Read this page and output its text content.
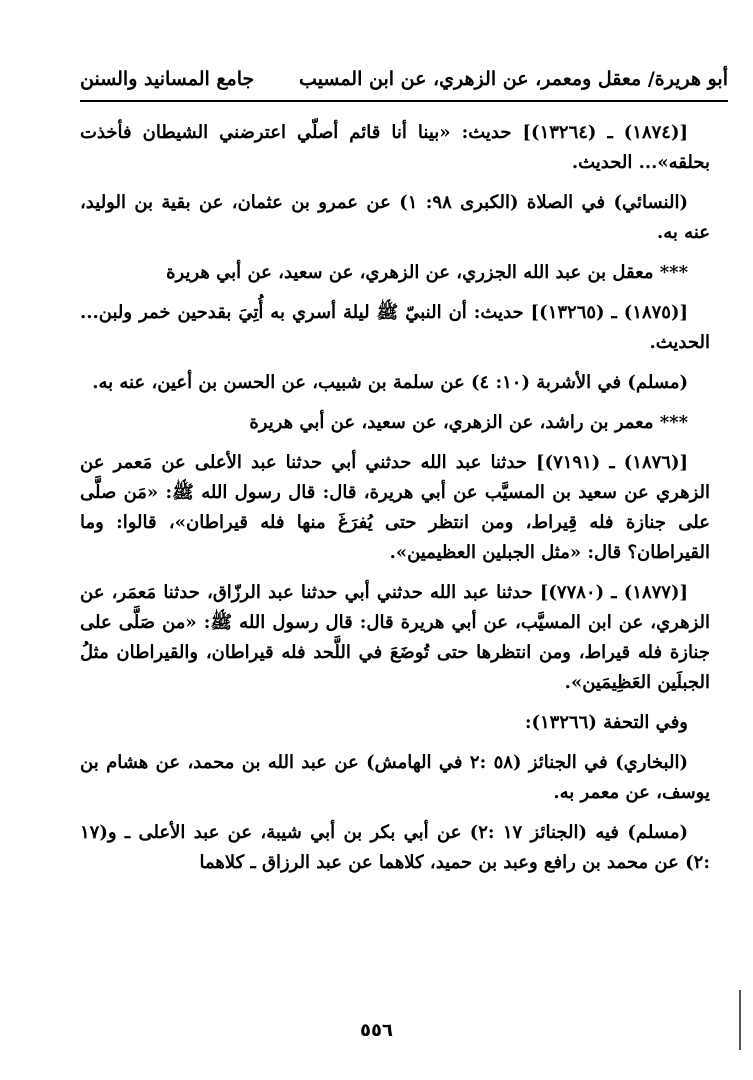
أبو هريرة/ معقل ومعمر، عن الزهري، عن ابن المسيب
جامع المسانيد والسنن

[(١٨٧٤) ـ (١٣٢٦٤)] حديث: «بينا أنا قائم أصلّي اعترضني الشيطان فأخذت بحلقه»... الحديث.

(النسائي) في الصلاة (الكبرى ٩٨: ١) عن عمرو بن عثمان، عن بقية بن الوليد، عنه به.

*** معقل بن عبد الله الجزري، عن الزهري، عن سعيد، عن أبي هريرة

[(١٨٧٥) ـ (١٣٢٦٥)] حديث: أن النبيّ ﷺ ليلة أسري به أُتِيَ بقدحين خمر ولبن... الحديث.

(مسلم) في الأشربة (١٠: ٤) عن سلمة بن شبيب، عن الحسن بن أعين، عنه به.

*** معمر بن راشد، عن الزهري، عن سعيد، عن أبي هريرة

[(١٨٧٦) ـ (٧١٩١)] حدثنا عبد الله حدثني أبي حدثنا عبد الأعلى عن مَعمر عن الزهري عن سعيد بن المسيَّب عن أبي هريرة، قال: قال رسول الله ﷺ: «مَن صلَّى على جنازة فله قِيراط، ومن انتظر حتى يُفرَغَ منها فله قيراطان»، قالوا: وما القيراطان؟ قال: «مثل الجبلين العظيمين».

[(١٨٧٧) ـ (٧٧٨٠)] حدثنا عبد الله حدثني أبي حدثنا عبد الرزّاق، حدثنا مَعمَر، عن الزهري، عن ابن المسيَّب، عن أبي هريرة قال: قال رسول الله ﷺ: «من صَلَّى على جنازة فله قيراط، ومن انتظرها حتى تُوضَعَ في اللَّحد فله قيراطان، والقيراطان مثلُ الجبلَين العَظِيمَين».

وفي التحفة (١٣٢٦٦):

(البخاري) في الجنائز (٥٨ :٢ في الهامش) عن عبد الله بن محمد، عن هشام بن يوسف، عن معمر به.

(مسلم) فيه (الجنائز ١٧ :٢) عن أبي بكر بن أبي شيبة، عن عبد الأعلى ـ و(١٧ :٢) عن محمد بن رافع وعبد بن حميد، كلاهما عن عبد الرزاق ـ كلاهما

٥٥٦
